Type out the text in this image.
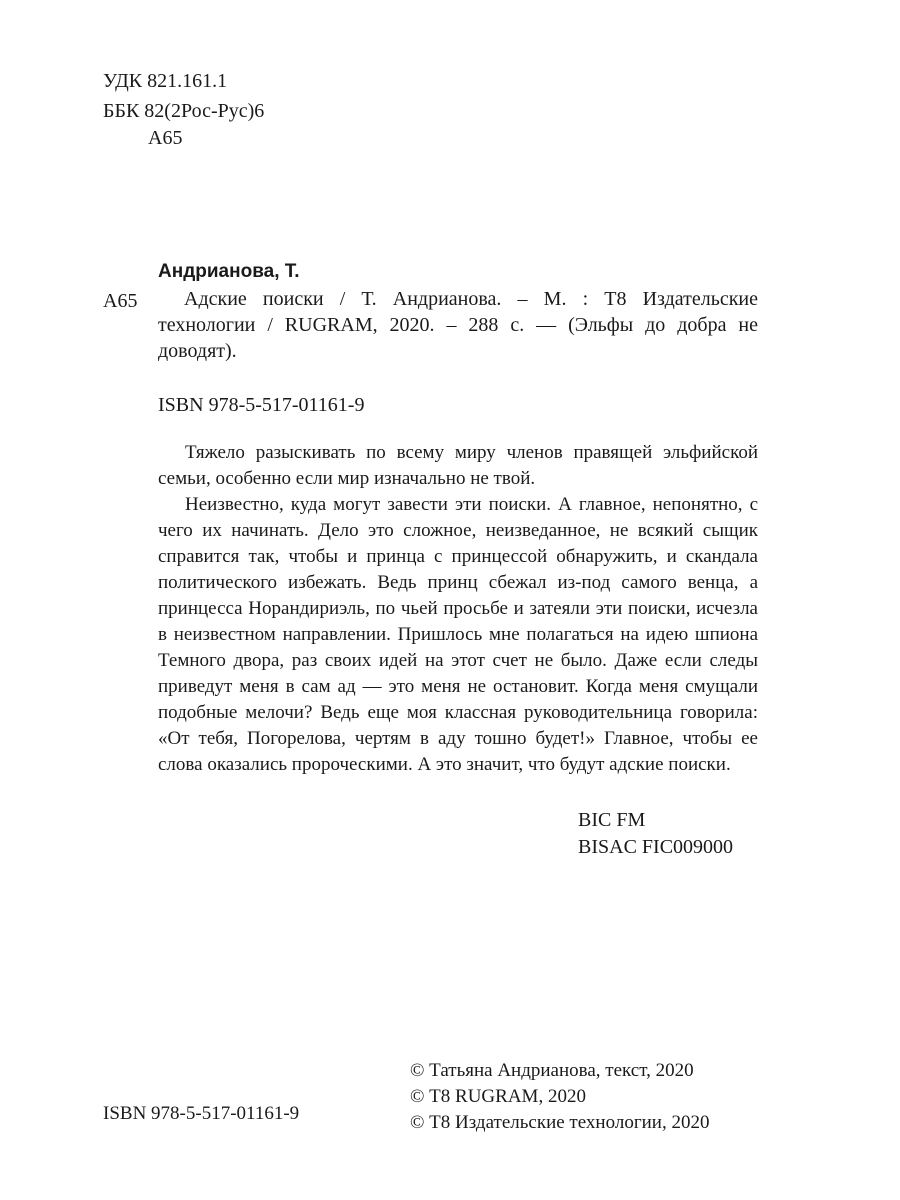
УДК 821.161.1
ББК 82(2Рос-Рус)6
А65
Андрианова, Т.
А65	Адские поиски / Т. Андрианова. – М. : Т8 Издательские технологии / RUGRAM, 2020. – 288 с. — (Эльфы до добра не доводят).
ISBN 978-5-517-01161-9

Тяжело разыскивать по всему миру членов правящей эльфийской семьи, особенно если мир изначально не твой.

Неизвестно, куда могут завести эти поиски. А главное, непонятно, с чего их начинать. Дело это сложное, неизведанное, не всякий сыщик справится так, чтобы и принца с принцессой обнаружить, и скандала политического избежать. Ведь принц сбежал из-под самого венца, а принцесса Норандириэль, по чьей просьбе и затеяли эти поиски, исчезла в неизвестном направлении. Пришлось мне полагаться на идею шпиона Темного двора, раз своих идей на этот счет не было. Даже если следы приведут меня в сам ад — это меня не остановит. Когда меня смущали подобные мелочи? Ведь еще моя классная руководительница говорила: «От тебя, Погорелова, чертям в аду тошно будет!» Главное, чтобы ее слова оказались пророческими. А это значит, что будут адские поиски.

BIC FM
BISAC FIC009000
© Татьяна Андрианова, текст, 2020
© Т8 RUGRAM, 2020
© Т8 Издательские технологии, 2020
ISBN 978-5-517-01161-9
